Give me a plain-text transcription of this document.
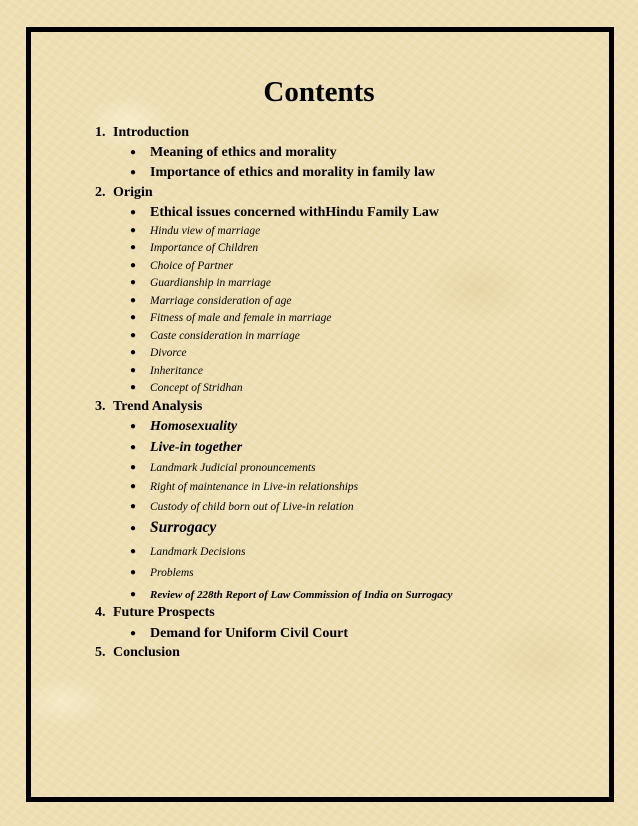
Contents
1. Introduction
● Meaning of ethics and morality
● Importance of ethics and morality in family law
2. Origin
● Ethical issues concerned withHindu Family Law
● Hindu view of marriage
● Importance of Children
● Choice of Partner
● Guardianship in marriage
● Marriage consideration of age
● Fitness of male and female in marriage
● Caste consideration in marriage
● Divorce
● Inheritance
● Concept of Stridhan
3. Trend Analysis
● Homosexuality
● Live-in together
● Landmark Judicial pronouncements
● Right of maintenance in Live-in relationships
● Custody of child born out of Live-in relation
● Surrogacy
● Landmark Decisions
● Problems
● Review of 228th Report of Law Commission of India on Surrogacy
4. Future Prospects
● Demand for Uniform Civil Court
5. Conclusion
